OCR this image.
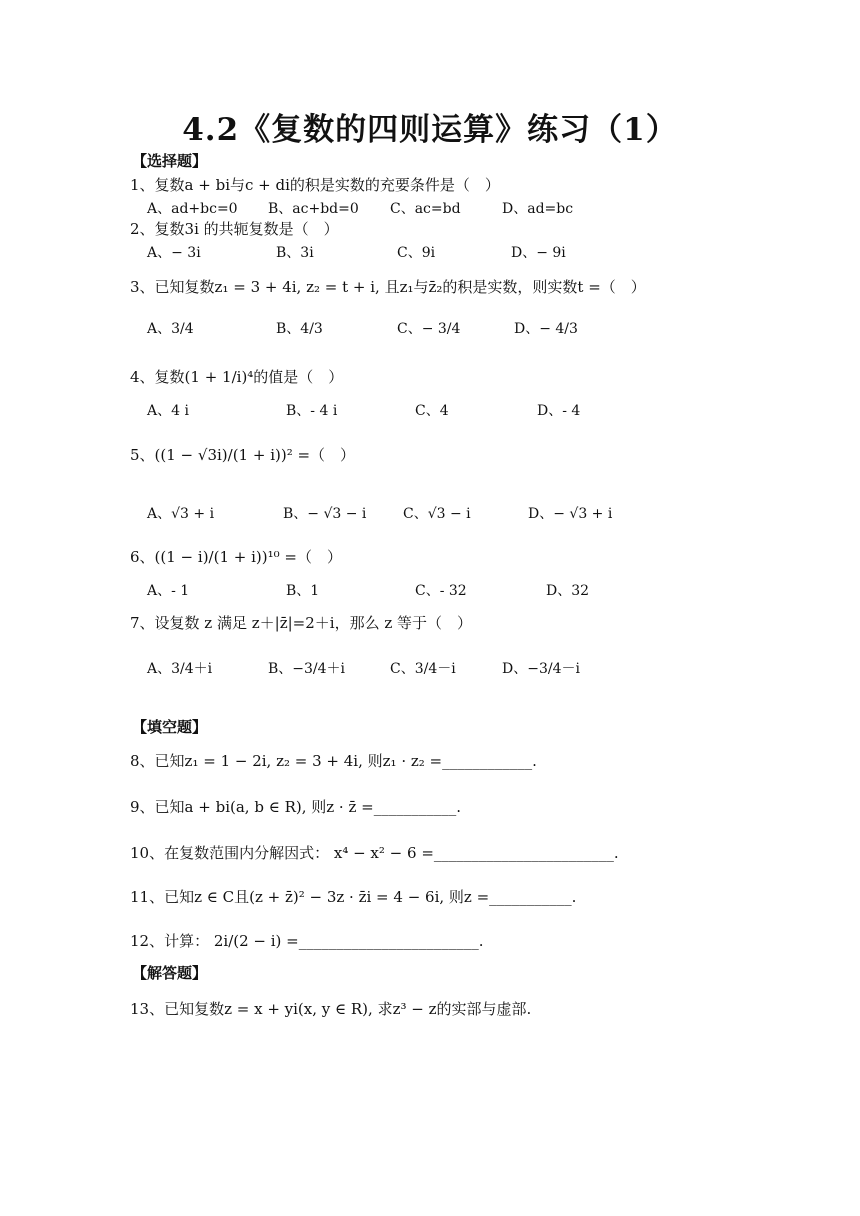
4.2《复数的四则运算》练习（1）
【选择题】
1、复数a + bi与c + di的积是实数的充要条件是（　）
A、ad+bc=0 B、ac+bd=0 C、ac=bd	D、ad=bc
2、复数3i 的共轭复数是（　）
A、− 3i	B、3i	C、9i	D、− 9i
3、已知复数z₁ = 3 + 4i, z₂ = t + i, 且z₁与z̄₂的积是实数，则实数t =（　）
A、3/4	B、4/3	C、− 3/4	D、− 4/3
4、复数(1 + 1/i)⁴的值是（　）
A、4 i	B、- 4 i	C、4	D、- 4
5、((1 − √3i)/(1 + i))² =（　）
A、√3 + i	B、− √3 − i	C、√3 − i	D、− √3 + i
6、((1 − i)/(1 + i))¹⁰ =（　）
A、- 1	B、1	C、- 32	D、32
7、设复数 z 满足 z＋|z̄|=2＋i，那么 z 等于（　）
A、3/4＋i	B、−3/4＋i	C、3/4－i	D、−3/4－i
【填空题】
8、已知z₁ = 1 − 2i, z₂ = 3 + 4i, 则z₁ · z₂ =____________.
9、已知a + bi(a, b ∈ R), 则z · z̄ =___________.
10、在复数范围内分解因式： x⁴ − x² − 6 =________________________.
11、已知z ∈ C且(z + z̄)² − 3z · z̄i = 4 − 6i, 则z =___________.
12、计算： 2i/(2 − i) =________________________.
【解答题】
13、已知复数z = x + yi(x, y ∈ R), 求z³ − z的实部与虚部.
